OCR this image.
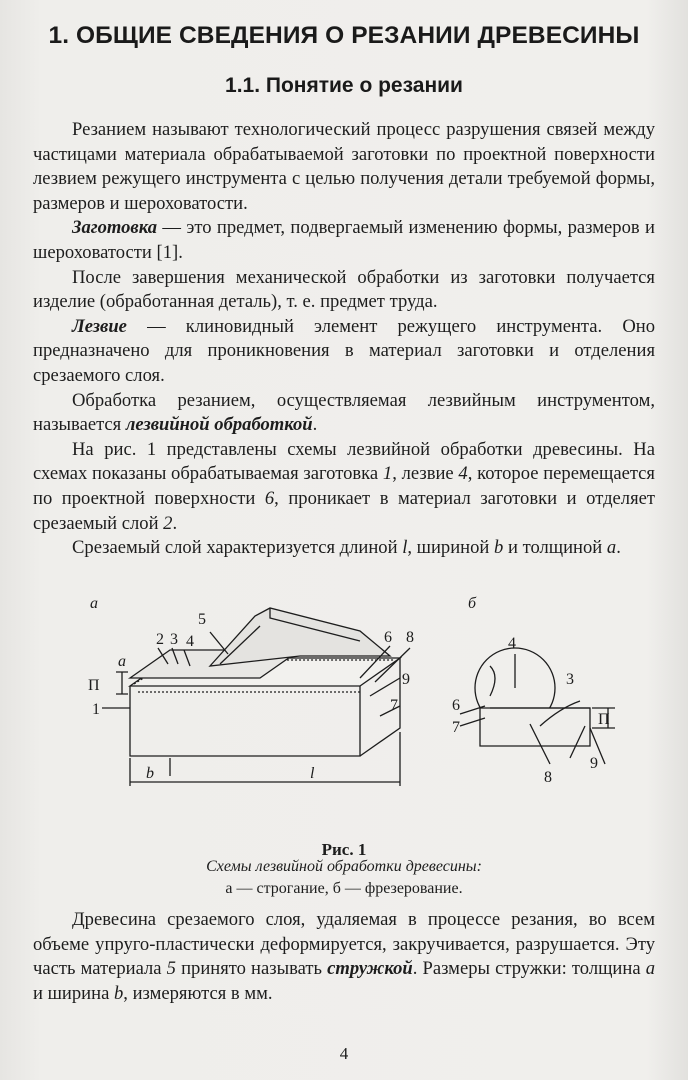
1. ОБЩИЕ СВЕДЕНИЯ О РЕЗАНИИ ДРЕВЕСИНЫ
1.1. Понятие о резании

Резанием называют технологический процесс разрушения связей между частицами материала обрабатываемой заготовки по проектной поверхности лезвием режущего инструмента с целью получения детали требуемой формы, размеров и шероховатости.

Заготовка — это предмет, подвергаемый изменению формы, размеров и шероховатости [1].

После завершения механической обработки из заготовки получается изделие (обработанная деталь), т. е. предмет труда.

Лезвие — клиновидный элемент режущего инструмента. Оно предназначено для проникновения в материал заготовки и отделения срезаемого слоя.

Обработка резанием, осуществляемая лезвийным инструментом, называется лезвийной обработкой.

На рис. 1 представлены схемы лезвийной обработки древесины. На схемах показаны обрабатываемая заготовка 1, лезвие 4, которое перемещается по проектной поверхности 6, проникает в материал заготовки и отделяет срезаемый слой 2.

Срезаемый слой характеризуется длиной l, шириной b и толщиной a.

а	б
1
2 3 4
5
6 8
9
7
П
a
b	l
4
3
6
7
8
9
П
Рис. 1
Схемы лезвийной обработки древесины:
а — строгание, б — фрезерование.

Древесина срезаемого слоя, удаляемая в процессе резания, во всем объеме упруго-пластически деформируется, закручивается, разрушается. Эту часть материала 5 принято называть стружкой. Размеры стружки: толщина a и ширина b, измеряются в мм.

4
